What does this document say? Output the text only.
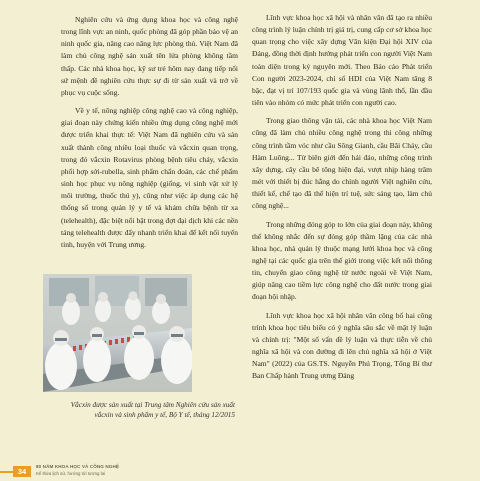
Nghiên cứu và ứng dụng khoa học và công nghệ trong lĩnh vực an ninh, quốc phòng đã góp phần bảo vệ an ninh quốc gia, nâng cao năng lực phòng thủ. Việt Nam đã làm chủ công nghệ sản xuất tên lửa phòng không tầm thấp. Các nhà khoa học, kỹ sư trẻ hôm nay đang tiếp nối sứ mệnh đề nghiên cứu thực sự đi từ sản xuất và trở về phục vụ cuộc sống.

Về y tế, nông nghiệp công nghệ cao và công nghiệp, giai đoạn này chứng kiến nhiều ứng dụng công nghệ mới được triển khai thực tế: Việt Nam đã nghiên cứu và sản xuất thành công nhiều loại thuốc và vắcxin quan trọng, trong đó vắcxin Rotavirus phòng bệnh tiêu chảy, vắcxin phối hợp sởi-rubella, sinh phẩm chẩn đoán, các chế phẩm sinh học phục vụ nông nghiệp (giống, vi sinh vật xử lý môi trường, thuốc thú y), cũng như việc áp dụng các hệ thống số trong quản lý y tế và khám chữa bệnh từ xa (telehealth), đặc biệt nổi bật trong đợt đại dịch khi các nền tảng telehealth được đẩy nhanh triển khai để kết nối tuyến tỉnh, huyện với Trung ương.

Vắcxin được sản xuất tại Trung tâm Nghiên cứu sản xuất vắcxin và sinh phẩm y tế, Bộ Y tế, tháng 12/2015

Lĩnh vực khoa học xã hội và nhân văn đã tạo ra nhiều công trình lý luận chính trị giá trị, cung cấp cơ sở khoa học quan trọng cho việc xây dựng Văn kiện Đại hội XIV của Đảng, đồng thời định hướng phát triển con người Việt Nam toàn diện trong kỷ nguyên mới. Theo Báo cáo Phát triển Con người 2023-2024, chỉ số HDI của Việt Nam tăng 8 bậc, đạt vị trí 107/193 quốc gia và vùng lãnh thổ, lần đầu tiên vào nhóm có mức phát triển con người cao.

Trong giao thông vận tải, các nhà khoa học Việt Nam cũng đã làm chủ nhiều công nghệ trong thi công những công trình tầm vóc như cầu Sông Gianh, cầu Bãi Cháy, cầu Hàm Luông... Từ biên giới đến hải đảo, những công trình xây dựng, cây cầu bê tông hiện đại, vượt nhịp hàng trăm mét với thiết bị đúc hẫng do chính người Việt nghiên cứu, thiết kế, chế tạo đã thể hiện trí tuệ, sức sáng tạo, làm chủ công nghệ...

Trong những đóng góp to lớn của giai đoạn này, không thể không nhắc đến sự đóng góp thầm lặng của các nhà khoa học, nhà quản lý thuộc mạng lưới khoa học và công nghệ tại các quốc gia trên thế giới trong việc kết nối thông tin, chuyển giao công nghệ từ nước ngoài về Việt Nam, giúp nâng cao tiềm lực công nghệ cho đất nước trong giai đoạn hội nhập.

Lĩnh vực khoa học xã hội nhân văn công bố hai công trình khoa học tiêu biểu có ý nghĩa sâu sắc về mặt lý luận và chính trị: "Một số vấn đề lý luận và thực tiễn về chủ nghĩa xã hội và con đường đi lên chủ nghĩa xã hội ở Việt Nam" (2022) của GS.TS. Nguyễn Phú Trọng, Tổng Bí thư Ban Chấp hành Trung ương Đảng

34
80 NĂM KHOA HỌC VÀ CÔNG NGHỆ
Kế thừa lịch sử, hướng tới tương lai
